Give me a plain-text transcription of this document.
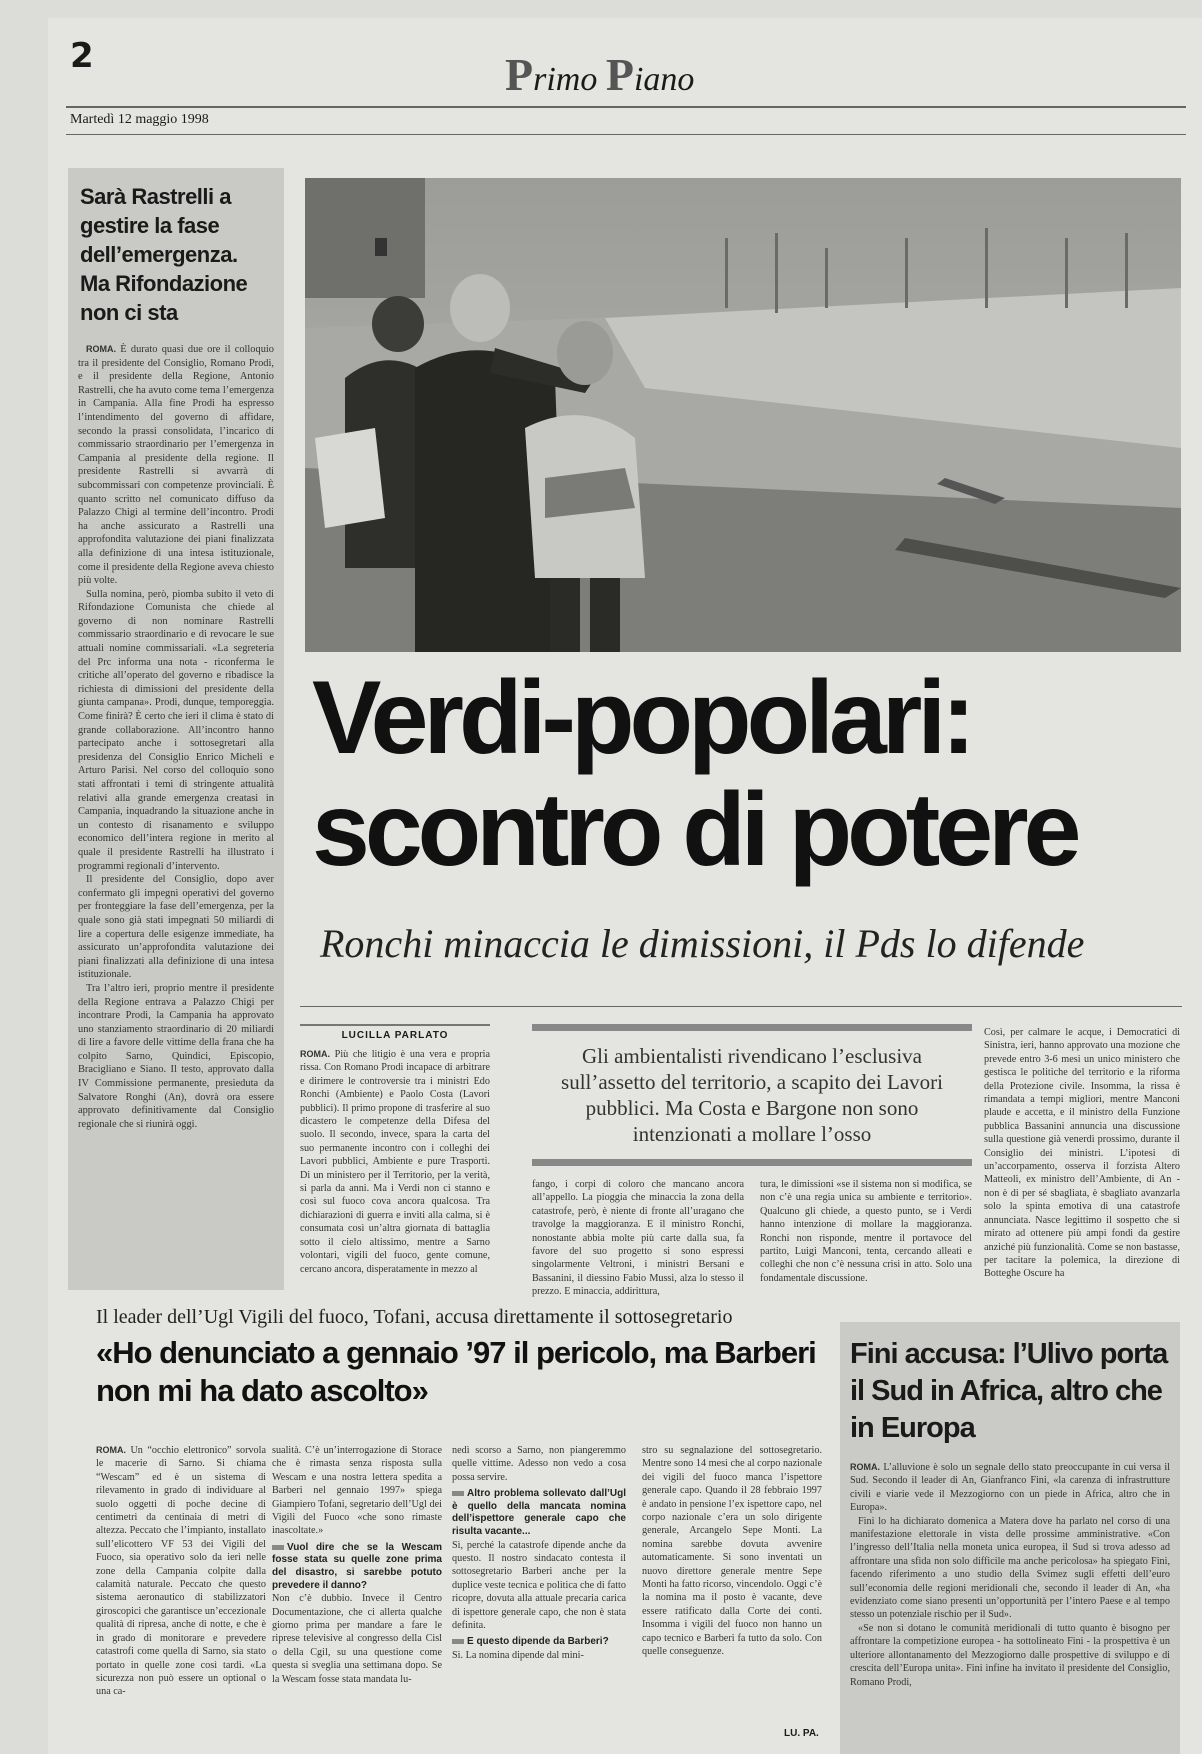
2	Primo Piano
Martedì 12 maggio 1998
Sarà Rastrelli a gestire la fase dell’emergenza. Ma Rifondazione non ci sta

ROMA. È durato quasi due ore il colloquio tra il presidente del Consiglio, Romano Prodi, e il presidente della Regione, Antonio Rastrelli, che ha avuto come tema l’emergenza in Campania. Alla fine Prodi ha espresso l’intendimento del governo di affidare, secondo la prassi consolidata, l’incarico di commissario straordinario per l’emergenza in Campania al presidente della regione. Il presidente Rastrelli si avvarrà di subcommissari con competenze provinciali. È quanto scritto nel comunicato diffuso da Palazzo Chigi al termine dell’incontro. Prodi ha anche assicurato a Rastrelli una approfondita valutazione dei piani finalizzata alla definizione di una intesa istituzionale, come il presidente della Regione aveva chiesto più volte.

Sulla nomina, però, piomba subito il veto di Rifondazione Comunista che chiede al governo di non nominare Rastrelli commissario straordinario e di revocare le sue attuali nomine commissariali. «La segreteria del Prc informa una nota - riconferma le critiche all’operato del governo e ribadisce la richiesta di dimissioni del presidente della giunta campana». Prodi, dunque, temporeggia. Come finirà? È certo che ieri il clima è stato di grande collaborazione. All’incontro hanno partecipato anche i sottosegretari alla presidenza del Consiglio Enrico Micheli e Arturo Parisi. Nel corso del colloquio sono stati affrontati i temi di stringente attualità relativi alla grande emergenza creatasi in Campania, inquadrando la situazione anche in un contesto di risanamento e sviluppo economico dell’intera regione in merito al quale il presidente Rastrelli ha illustrato i programmi regionali d’intervento.

Il presidente del Consiglio, dopo aver confermato gli impegni operativi del governo per fronteggiare la fase dell’emergenza, per la quale sono già stati impegnati 50 miliardi di lire a copertura delle esigenze immediate, ha assicurato un’approfondita valutazione dei piani finalizzati alla definizione di una intesa istituzionale.

Tra l’altro ieri, proprio mentre il presidente della Regione entrava a Palazzo Chigi per incontrare Prodi, la Campania ha approvato uno stanziamento straordinario di 20 miliardi di lire a favore delle vittime della frana che ha colpito Sarno, Quindici, Episcopio, Bracigliano e Siano. Il testo, approvato dalla IV Commissione permanente, presieduta da Salvatore Ronghi (An), dovrà ora essere approvato definitivamente dal Consiglio regionale che si riunirà oggi.

Verdi-popolari:
scontro di potere
Ronchi minaccia le dimissioni, il Pds lo difende
LUCILLA PARLATO
ROMA. Più che litigio è una vera e propria rissa. Con Romano Prodi incapace di arbitrare e dirimere le controversie tra i ministri Edo Ronchi (Ambiente) e Paolo Costa (Lavori pubblici). Il primo propone di trasferire al suo dicastero le competenze della Difesa del suolo. Il secondo, invece, spara la carta del suo permanente incontro con i colleghi dei Lavori pubblici, Ambiente e pure Trasporti. Di un ministero per il Territorio, per la verità, si parla da anni. Ma i Verdi non ci stanno e così sul fuoco cova ancora qualcosa. Tra dichiarazioni di guerra e inviti alla calma, si è consumata così un’altra giornata di battaglia sotto il cielo altissimo, mentre a Sarno volontari, vigili del fuoco, gente comune, cercano ancora, disperatamente in mezzo al
Gli ambientalisti rivendicano l’esclusiva sull’assetto del territorio, a scapito dei Lavori pubblici. Ma Costa e Bargone non sono intenzionati a mollare l’osso
fango, i corpi di coloro che mancano ancora all’appello. La pioggia che minaccia la zona della catastrofe, però, è niente di fronte all’uragano che travolge la maggioranza. E il ministro Ronchi, nonostante abbia molte più carte dalla sua, fa favore del suo progetto si sono espressi singolarmente Veltroni, i ministri Bersani e Bassanini, il diessino Fabio Mussi, alza lo stesso il prezzo. E minaccia, addirittura,
tura, le dimissioni «se il sistema non si modifica, se non c’è una regia unica su ambiente e territorio». Qualcuno gli chiede, a questo punto, se i Verdi hanno intenzione di mollare la maggioranza. Ronchi non risponde, mentre il portavoce del partito, Luigi Manconi, tenta, cercando alleati e colleghi che non c’è nessuna crisi in atto. Solo una fondamentale discussione.
Così, per calmare le acque, i Democratici di Sinistra, ieri, hanno approvato una mozione che prevede entro 3-6 mesi un unico ministero che gestisca le politiche del territorio e la riforma della Protezione civile. Insomma, la rissa è rimandata a tempi migliori, mentre Manconi plaude e accetta, e il ministro della Funzione pubblica Bassanini annuncia una discussione sulla questione già venerdì prossimo, durante il Consiglio dei ministri. L’ipotesi di un’accorpamento, osserva il forzista Altero Matteoli, ex ministro dell’Ambiente, di An - non è di per sé sbagliata, è sbagliato avanzarla solo la spinta emotiva di una catastrofe annunciata. Nasce legittimo il sospetto che si mirato ad ottenere più ampi fondi da gestire anziché più funzionalità. Come se non bastasse, per tacitare la polemica, la direzione di Botteghe Oscure ha
Il leader dell’Ugl Vigili del fuoco, Tofani, accusa direttamente il sottosegretario
«Ho denunciato a gennaio ’97 il pericolo, ma Barberi non mi ha dato ascolto»
ROMA. Un “occhio elettronico” sorvola le macerie di Sarno. Si chiama “Wescam” ed è un sistema di rilevamento in grado di individuare al suolo oggetti di poche decine di centimetri da centinaia di metri di altezza. Peccato che l’impianto, installato sull’elicottero VF 53 dei Vigili del Fuoco, sia operativo solo da ieri nelle zone della Campania colpite dalla calamità naturale. Peccato che questo sistema aeronautico di stabilizzatori giroscopici che garantisce un’eccezionale qualità di ripresa, anche di notte, e che è in grado di monitorare e prevedere catastrofi come quella di Sarno, sia stato portato in quelle zone così tardi. «La sicurezza non può essere un optional o una ca-
sualità. C’è un’interrogazione di Storace che è rimasta senza risposta sulla Wescam e una nostra lettera spedita a Barberi nel gennaio 1997» spiega Giampiero Tofani, segretario dell’Ugl dei Vigili del Fuoco «che sono rimaste inascoltate.»
Vuol dire che se la Wescam fosse stata su quelle zone prima del disastro, si sarebbe potuto prevedere il danno?
Non c’è dubbio. Invece il Centro Documentazione, che ci allerta qualche giorno prima per mandare a fare le riprese televisive al congresso della Cisl o della Cgil, su una questione come questa si sveglia una settimana dopo. Se la Wescam fosse stata mandata lu-
nedì scorso a Sarno, non piangeremmo quelle vittime. Adesso non vedo a cosa possa servire.
Altro problema sollevato dall’Ugl è quello della mancata nomina dell’ispettore generale capo che risulta vacante...
Sì, perché la catastrofe dipende anche da questo. Il nostro sindacato contesta il sottosegretario Barberi anche per la duplice veste tecnica e politica che di fatto ricopre, dovuta alla attuale precaria carica di ispettore generale capo, che non è stata definita.
E questo dipende da Barberi?
Sì. La nomina dipende dal mini-
stro su segnalazione del sottosegretario. Mentre sono 14 mesi che al corpo nazionale dei vigili del fuoco manca l’ispettore generale capo. Quando il 28 febbraio 1997 è andato in pensione l’ex ispettore capo, nel corpo nazionale c’era un solo dirigente generale, Arcangelo Sepe Monti. La nomina sarebbe dovuta avvenire automaticamente. Si sono inventati un nuovo direttore generale mentre Sepe Monti ha fatto ricorso, vincendolo. Oggi c’è la nomina ma il posto è vacante, deve essere ratificato dalla Corte dei conti. Insomma i vigili del fuoco non hanno un capo tecnico e Barberi fa tutto da solo. Con quelle conseguenze.
LU. PA.
Fini accusa: l’Ulivo porta il Sud in Africa, altro che in Europa

ROMA. L’alluvione è solo un segnale dello stato preoccupante in cui versa il Sud. Secondo il leader di An, Gianfranco Fini, «la carenza di infrastrutture civili e viarie vede il Mezzogiorno con un piede in Africa, altro che in Europa».

Fini lo ha dichiarato domenica a Matera dove ha parlato nel corso di una manifestazione elettorale in vista delle prossime amministrative. «Con l’ingresso dell’Italia nella moneta unica europea, il Sud si trova adesso ad affrontare una sfida non solo difficile ma anche pericolosa» ha spiegato Fini, facendo riferimento a uno studio della Svimez sugli effetti dell’euro sull’economia delle regioni meridionali che, secondo il leader di An, «ha evidenziato come siano presenti un’opportunità per l’intero Paese e al tempo stesso un potenziale rischio per il Sud».

«Se non si dotano le comunità meridionali di tutto quanto è bisogno per affrontare la competizione europea - ha sottolineato Fini - la prospettiva è un ulteriore allontanamento del Mezzogiorno dalle prospettive di sviluppo e di crescita dell’Europa unita». Fini infine ha invitato il presidente del Consiglio, Romano Prodi,
